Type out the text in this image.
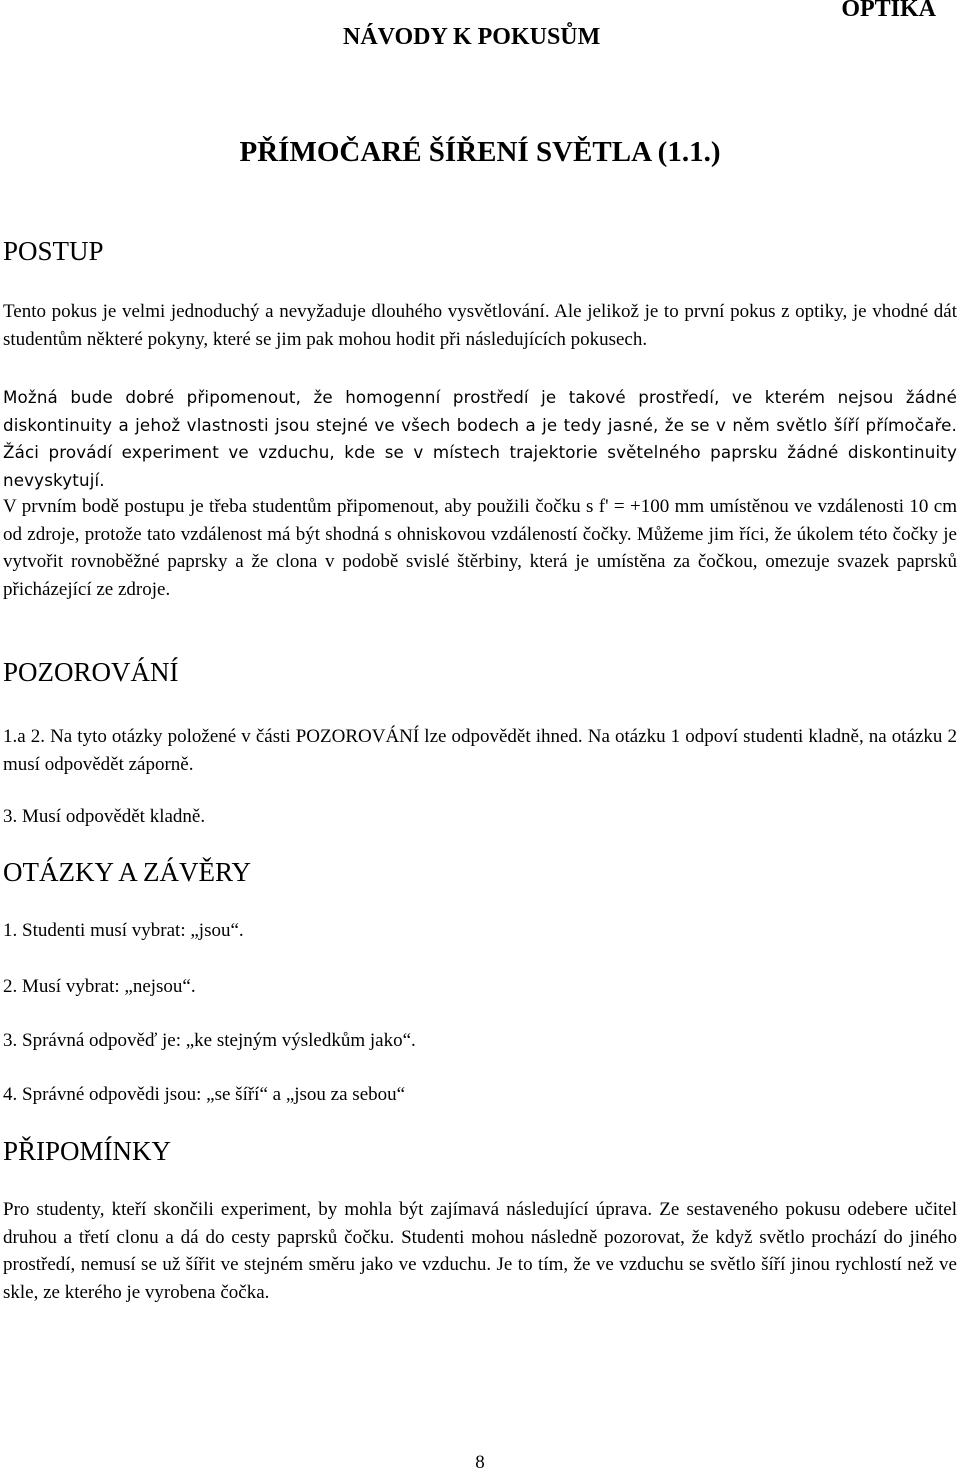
OPTIKA
NÁVODY K POKUSŮM
PŘÍMOČARÉ ŠÍŘENÍ SVĚTLA (1.1.)
POSTUP

Tento pokus je velmi jednoduchý a nevyžaduje dlouhého vysvětlování. Ale jelikož je to první pokus z optiky, je vhodné dát studentům některé pokyny, které se jim pak mohou hodit při následujících pokusech.

Možná bude dobré připomenout, že homogenní prostředí je takové prostředí, ve kterém nejsou žádné diskontinuity a jehož vlastnosti jsou stejné ve všech bodech a je tedy jasné, že se v něm světlo šíří přímočaře. Žáci provádí experiment ve vzduchu, kde se v místech trajektorie světelného paprsku žádné diskontinuity nevyskytují.

V prvním bodě postupu je třeba studentům připomenout, aby použili čočku s f' = +100 mm umístěnou ve vzdálenosti 10 cm od zdroje, protože tato vzdálenost má být shodná s ohniskovou vzdáleností čočky. Můžeme jim říci, že úkolem této čočky je vytvořit rovnoběžné paprsky a že clona v podobě svislé štěrbiny, která je umístěna za čočkou, omezuje svazek paprsků přicházející ze zdroje.

POZOROVÁNÍ

1.a 2. Na tyto otázky položené v části POZOROVÁNÍ lze odpovědět ihned. Na otázku 1 odpoví studenti kladně, na otázku 2 musí odpovědět záporně.

3. Musí odpovědět kladně.

OTÁZKY A ZÁVĚRY

1. Studenti musí vybrat: „jsou“.

2. Musí vybrat: „nejsou“.

3. Správná odpověď je: „ke stejným výsledkům jako“.

4. Správné odpovědi jsou: „se šíří“ a „jsou za sebou“

PŘIPOMÍNKY

Pro studenty, kteří skončili experiment, by mohla být zajímavá následující úprava. Ze sestaveného pokusu odebere učitel druhou a třetí clonu a dá do cesty paprsků čočku. Studenti mohou následně pozorovat, že když světlo prochází do jiného prostředí, nemusí se už šířit ve stejném směru jako ve vzduchu. Je to tím, že ve vzduchu se světlo šíří jinou rychlostí než ve skle, ze kterého je vyrobena čočka.

8
